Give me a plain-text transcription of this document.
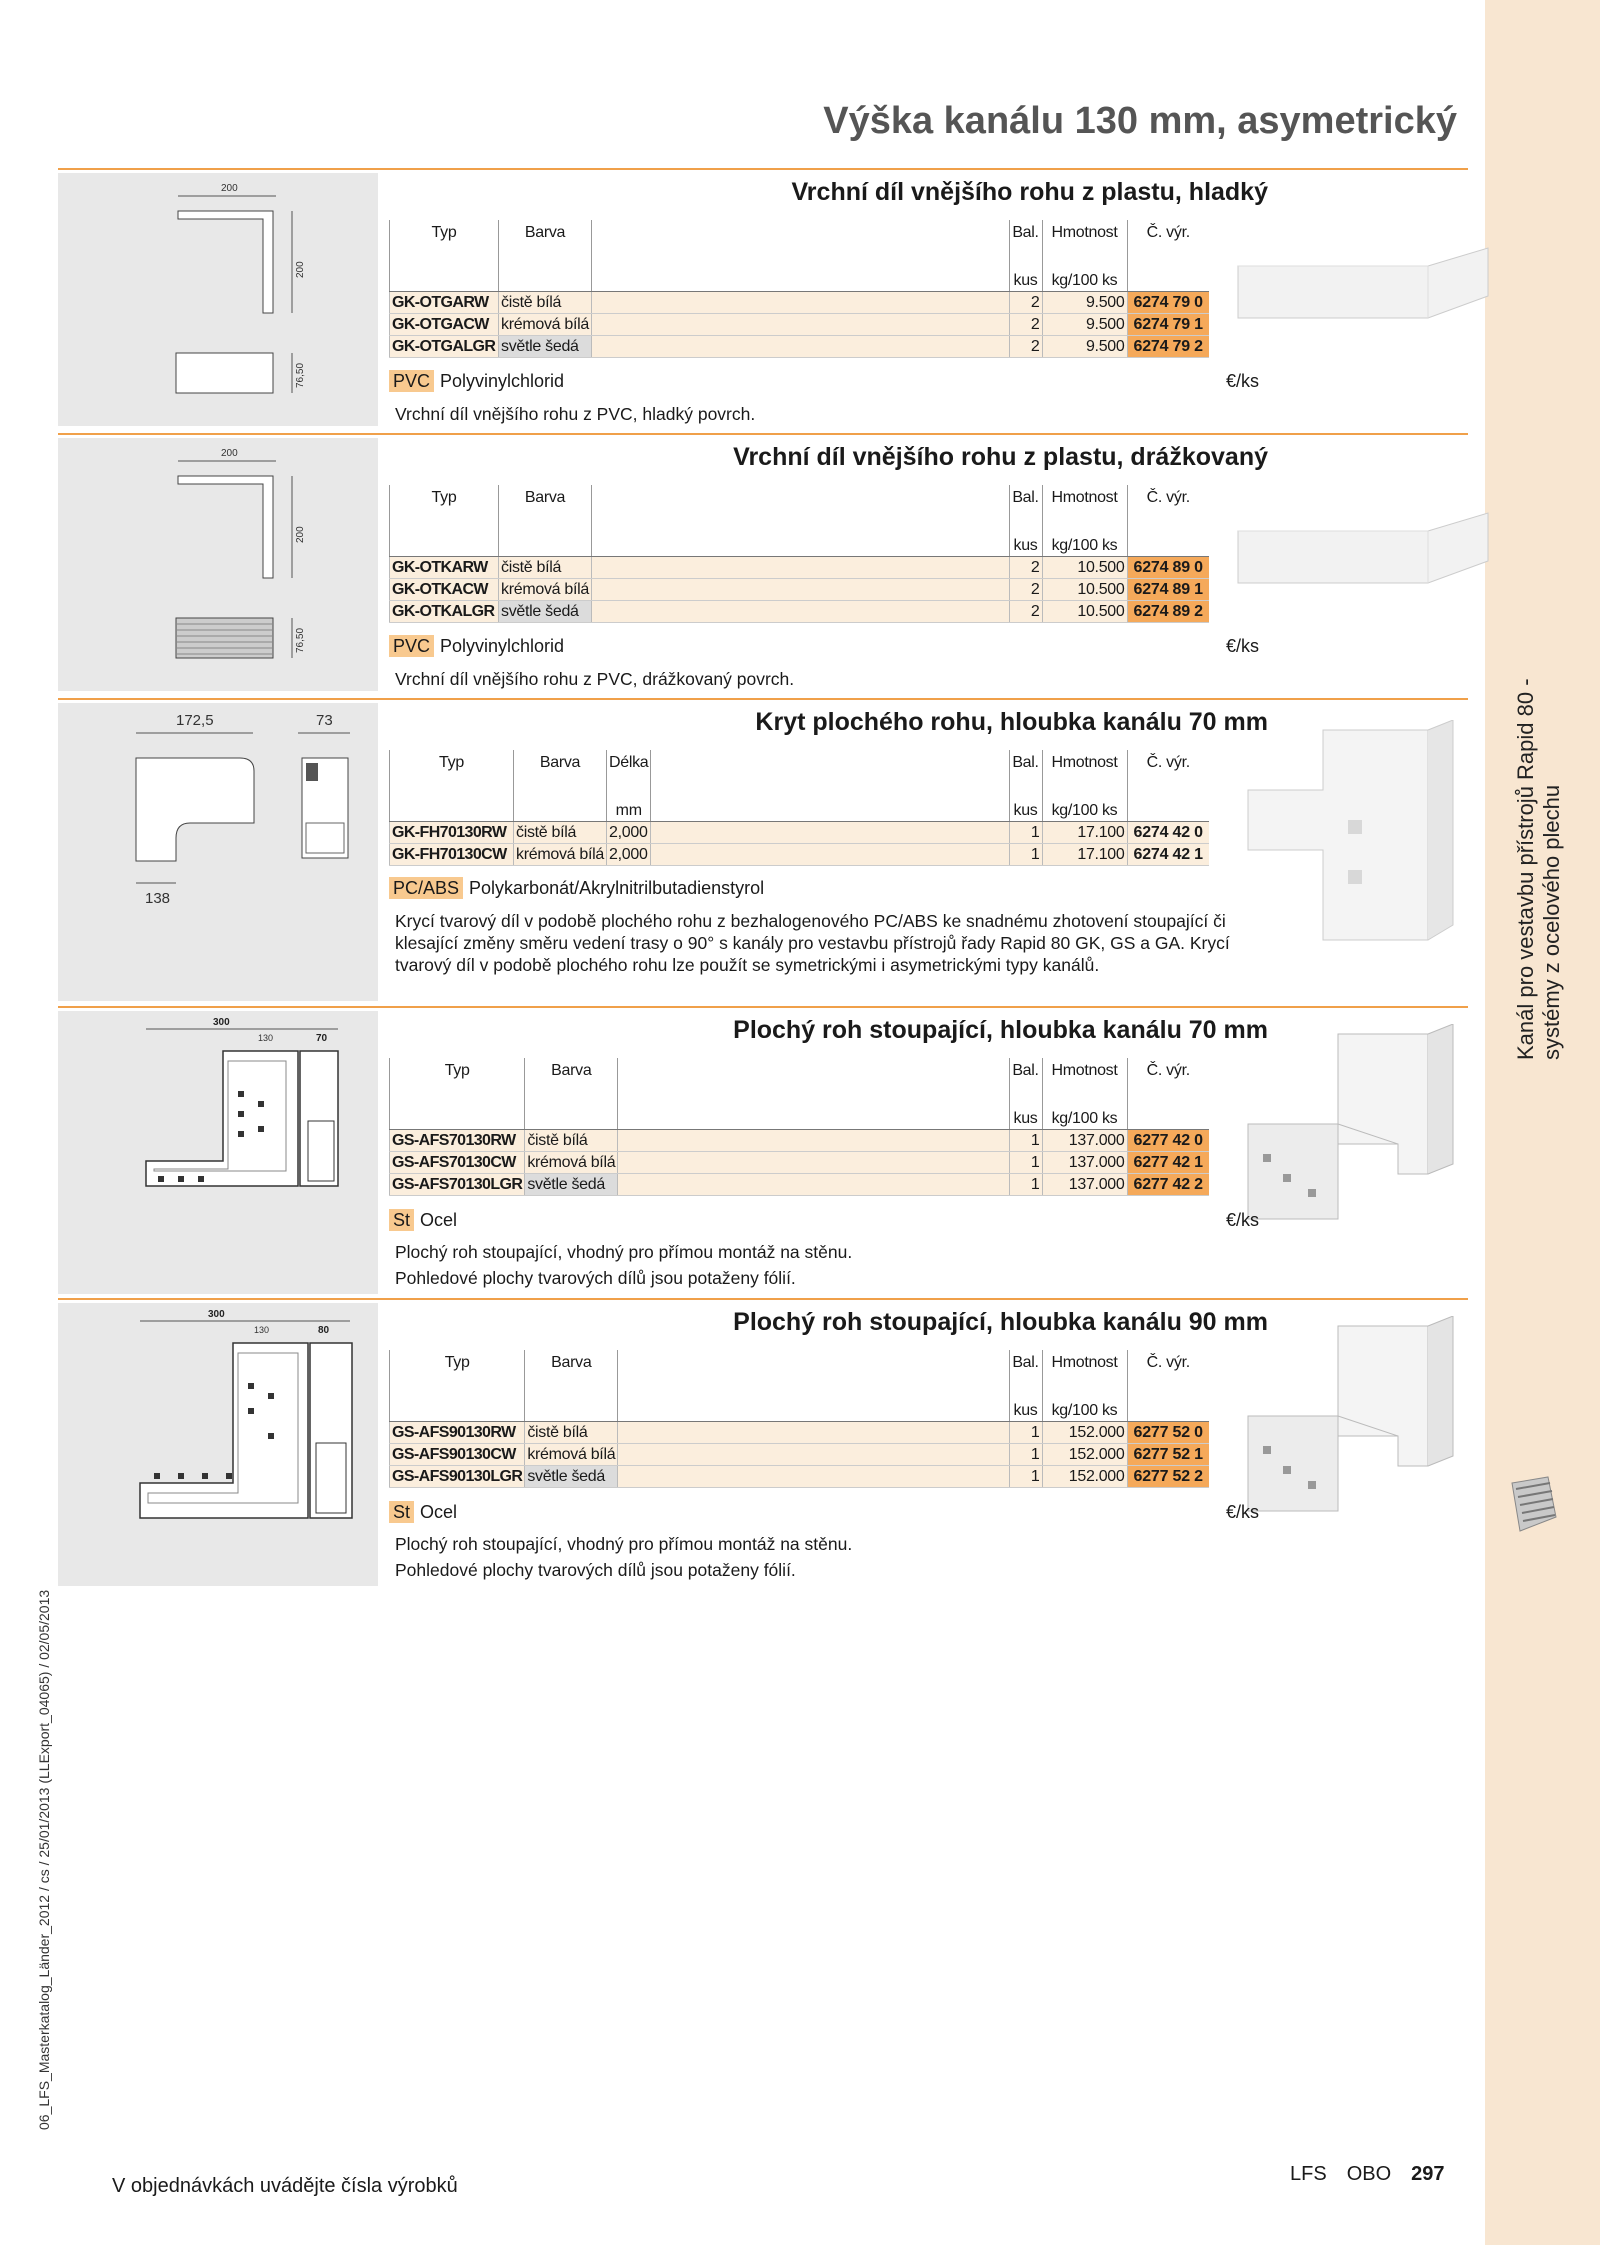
Kanál pro vestavbu přístrojů Rapid 80 - systémy z ocelového plechu
06_LFS_Masterkatalog_Länder_2012 / cs / 25/01/2013 (LLExport_04065) / 02/05/2013
Výška kanálu 130 mm, asymetrický
200
200
76,50
Vrchní díl vnějšího rohu z plastu, hladký
Typ	Barva		Bal.	Hmotnost	Č. výr.
			kus	kg/100 ks	
GK-OTGARW	čistě bílá		2	9.500	6274 79 0
GK-OTGACW	krémová bílá		2	9.500	6274 79 1
GK-OTGALGR	světle šedá		2	9.500	6274 79 2
PVC Polyvinylchlorid	€/ks
Vrchní díl vnějšího rohu z PVC, hladký povrch.
200
200
76,50
Vrchní díl vnějšího rohu z plastu, drážkovaný
Typ	Barva		Bal.	Hmotnost	Č. výr.
			kus	kg/100 ks	
GK-OTKARW	čistě bílá		2	10.500	6274 89 0
GK-OTKACW	krémová bílá		2	10.500	6274 89 1
GK-OTKALGR	světle šedá		2	10.500	6274 89 2
PVC Polyvinylchlorid	€/ks
Vrchní díl vnějšího rohu z PVC, drážkovaný povrch.
172,5	73
138
Kryt plochého rohu, hloubka kanálu 70 mm
Typ	Barva	Délka		Bal.	Hmotnost	Č. výr.
		mm		kus	kg/100 ks	
GK-FH70130RW	čistě bílá	2,000		1	17.100	6274 42 0
GK-FH70130CW	krémová bílá	2,000		1	17.100	6274 42 1
PC/ABS Polykarbonát/Akrylnitrilbutadienstyrol
Krycí tvarový díl v podobě plochého rohu z bezhalogenového PC/ABS ke snadnému zhotovení stoupající či klesající změny směru vedení trasy o 90° s kanály pro vestavbu přístrojů řady Rapid 80 GK, GS a GA. Krycí tvarový díl v podobě plochého rohu lze použít se symetrickými i asymetrickými typy kanálů.
300
130	70	Plochý roh stoupající, hloubka kanálu 70 mm
Typ	Barva		Bal.	Hmotnost	Č. výr.
			kus	kg/100 ks	
GS-AFS70130RW	čistě bílá		1	137.000	6277 42 0
GS-AFS70130CW	krémová bílá		1	137.000	6277 42 1
GS-AFS70130LGR	světle šedá		1	137.000	6277 42 2
St Ocel	€/ks
Plochý roh stoupající, vhodný pro přímou montáž na stěnu.
Pohledové plochy tvarových dílů jsou potaženy fólií.
300
130	80	Plochý roh stoupající, hloubka kanálu 90 mm
Typ	Barva		Bal.	Hmotnost	Č. výr.
			kus	kg/100 ks	
GS-AFS90130RW	čistě bílá		1	152.000	6277 52 0
GS-AFS90130CW	krémová bílá		1	152.000	6277 52 1
GS-AFS90130LGR	světle šedá		1	152.000	6277 52 2
St Ocel	€/ks
Plochý roh stoupající, vhodný pro přímou montáž na stěnu.
Pohledové plochy tvarových dílů jsou potaženy fólií.
V objednávkách uvádějte čísla výrobků
LFS OBO 297
